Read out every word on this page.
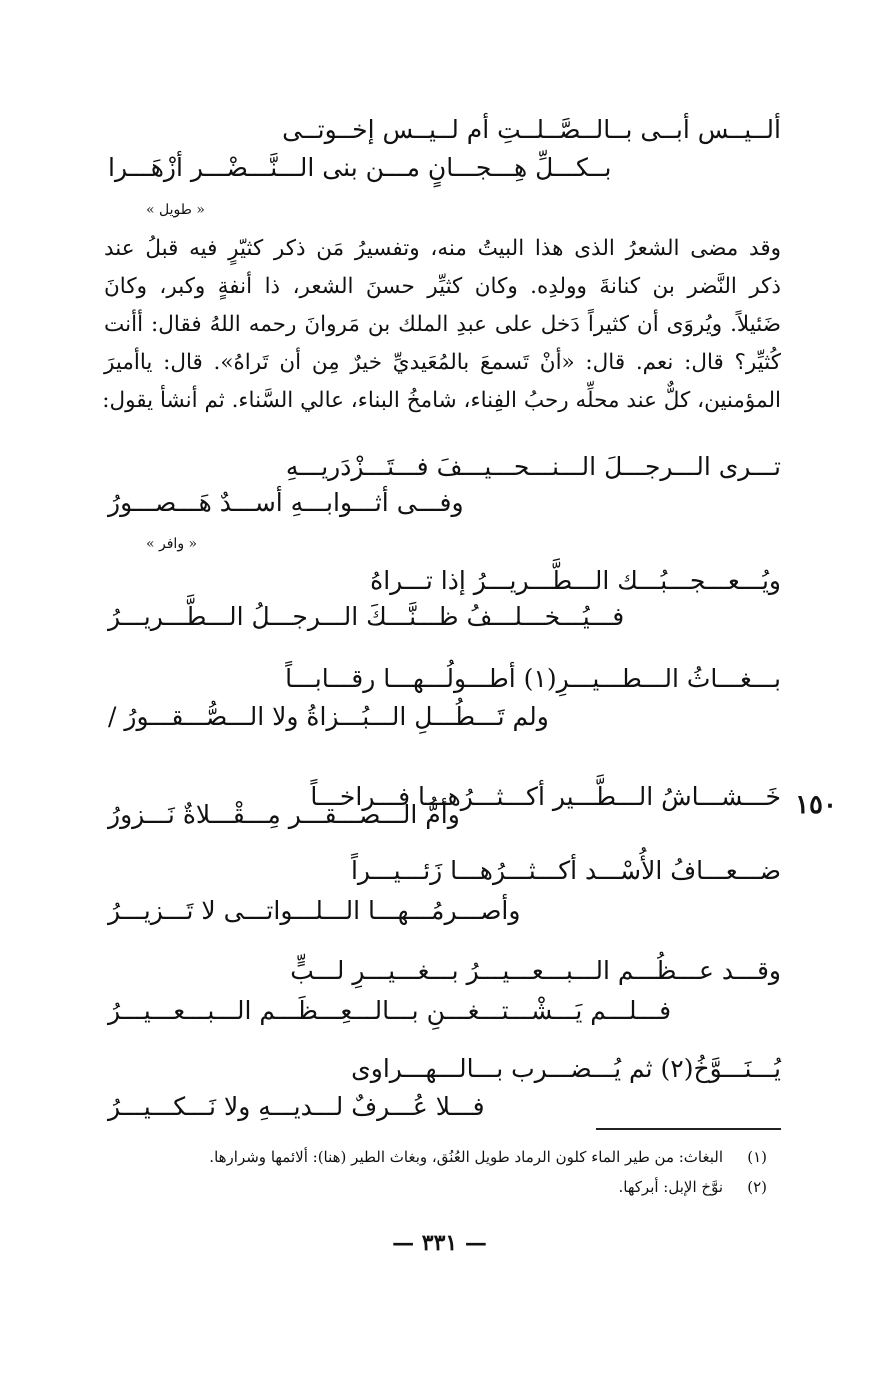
ألــيــس أبــى بــالــصَّــلــتِ أم لــيــس إخــوتــى
بــكـــلِّ هِـــجـــانٍ مـــن بنى الـــنَّـــضْـــر أزْهَـــرا
« طويل »
وقد مضى الشعرُ الذى هذا البيتُ منه، وتفسيرُ مَن ذكر كثيّرٍ فيه قبلُ عند
ذكر النَّضر بن كنانةَ وولدِه. وكان كثيِّر حسنَ الشعر، ذا أنفةٍ وكبر، وكانَ
ضَئيلاً. ويُروَى أن كثيراً دَخل على عبدِ الملك بن مَروانَ رحمه اللهُ فقال: أأنت
كُثيِّر؟ قال: نعم. قال: «أنْ تَسمعَ بالمُعَيديِّ خيرٌ مِن أن تَراهُ». قال: ياأميرَ
المؤمنين، كلٌّ عند محلِّه رحبُ الفِناء، شامخُ البناء، عالي السَّناء. ثم أنشأ يقول:
تـــرى الـــرجـــلَ الـــنـــحـــيـــفَ فـــتَـــزْدَريـــهِ
وفـــى أثـــوابـــهِ أســـدٌ هَـــصـــورُ
« وافر »
ويُـــعـــجـــبُـــك الـــطَّـــريـــرُ إذا تـــراهُ
فـــيُـــخـــلـــفُ ظـــنَّـــكَ الـــرجـــلُ الـــطَّـــريـــرُ
بـــغـــاثُ الـــطـــيـــرِ(١) أطـــولُـــهـــا رقـــابـــاً
ولم تَـــطُـــلِ الـــبُـــزاةُ ولا الـــصُّـــقـــورُ /
١٥٠
خَـــشـــاشُ الـــطَّـــير أكـــثـــرُهـــا فـــراخـــاً
وأمُّ الـــصـــقـــر مِـــقْـــلاةٌ نَـــزورُ
ضـــعـــافُ الأُسْـــد أكـــثـــرُهـــا زَئـــيـــراً
وأصـــرمُـــهـــا الـــلـــواتـــى لا تَـــزيـــرُ
وقـــد عـــظُـــم الـــبـــعـــيـــرُ بـــغـــيـــرِ لـــبٍّ
فـــلـــم يَـــشْـــتـــغـــنِ بـــالـــعِـــظَـــم الـــبـــعـــيـــرُ
يُـــنَـــوَّخُ(٢) ثم يُـــضـــرب بـــالـــهـــراوى
فـــلا عُـــرفٌ لـــديـــهِ ولا نَـــكـــيـــرُ
(١)
البغاث: من طير الماء كلون الرماد طويل العُنُق، وبغاث الطير (هنا): ألائمها وشرارها.
(٢)
نوَّخ الإبل: أبركها.
— ٣٣١ —
